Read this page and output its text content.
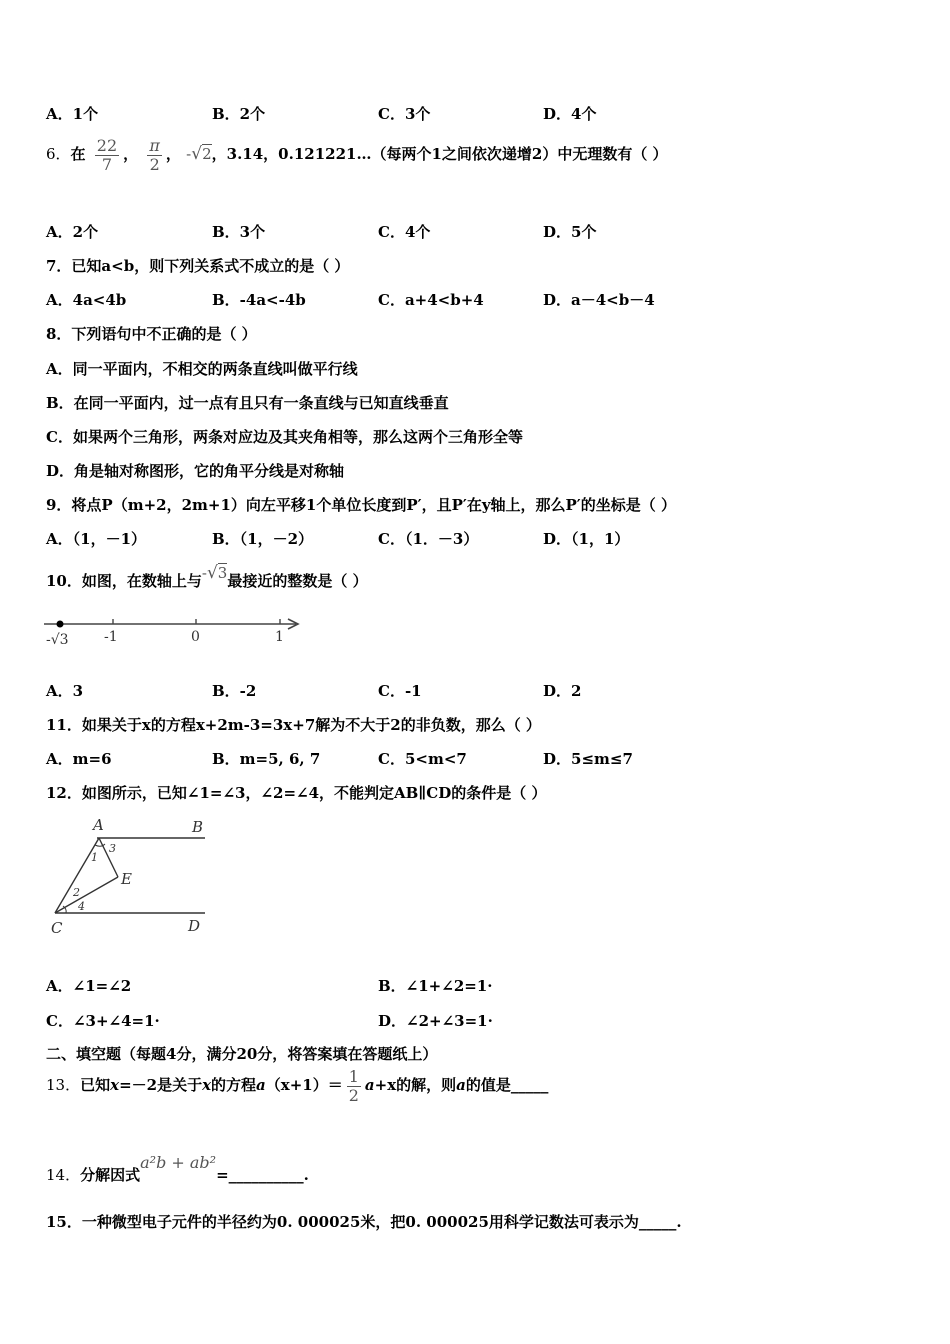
A．1个	B．2个	C．3个	D．4个
6．在 $\frac{22}{7}$ ， $\frac{\pi}{2}$ ， -√2，3.14，0.121221…（每两个1之间依次递增2）中无理数有（ ）
A．2个	B．3个	C．4个	D．5个
7．已知a<b，则下列关系式不成立的是（ ）
A．4a<4b	B．-4a<-4b	C．a+4<b+4	D．a－4<b－4
8．下列语句中不正确的是（ ）
A．同一平面内，不相交的两条直线叫做平行线
B．在同一平面内，过一点有且只有一条直线与已知直线垂直
C．如果两个三角形，两条对应边及其夹角相等，那么这两个三角形全等
D．角是轴对称图形，它的角平分线是对称轴
9．将点P（m+2，2m+1）向左平移1个单位长度到P′，且P′在y轴上，那么P′的坐标是（ ）
A．（1，－1）	B．（1，－2）	C．（1．－3）	D．（1，1）
10．如图，在数轴上与-√3最接近的整数是（ ）
-√3	-1	0	1
A．3	B．-2	C．-1	D．2
11．如果关于x的方程x+2m-3=3x+7解为不大于2的非负数，那么（ ）
A．m=6	B．m=5, 6, 7	C．5<m<7	D．5≤m≤7
12．如图所示，已知∠1=∠3，∠2=∠4，不能判定AB∥CD的条件是（ ）
A	B
C	D
E
1
3
2
4
A．∠1=∠2	B．∠1+∠2=1·
C．∠3+∠4=1·	D．∠2+∠3=1·
二、填空题（每题4分，满分20分，将答案填在答题纸上）
13．已知x=－2是关于x的方程$a(x+1)= \frac{1}{2} a+x$的解，则a的值是_____
14．分解因式a²b + ab²=__________.
15．一种微型电子元件的半径约为0. 000025米，把0. 000025用科学记数法可表示为_____.
